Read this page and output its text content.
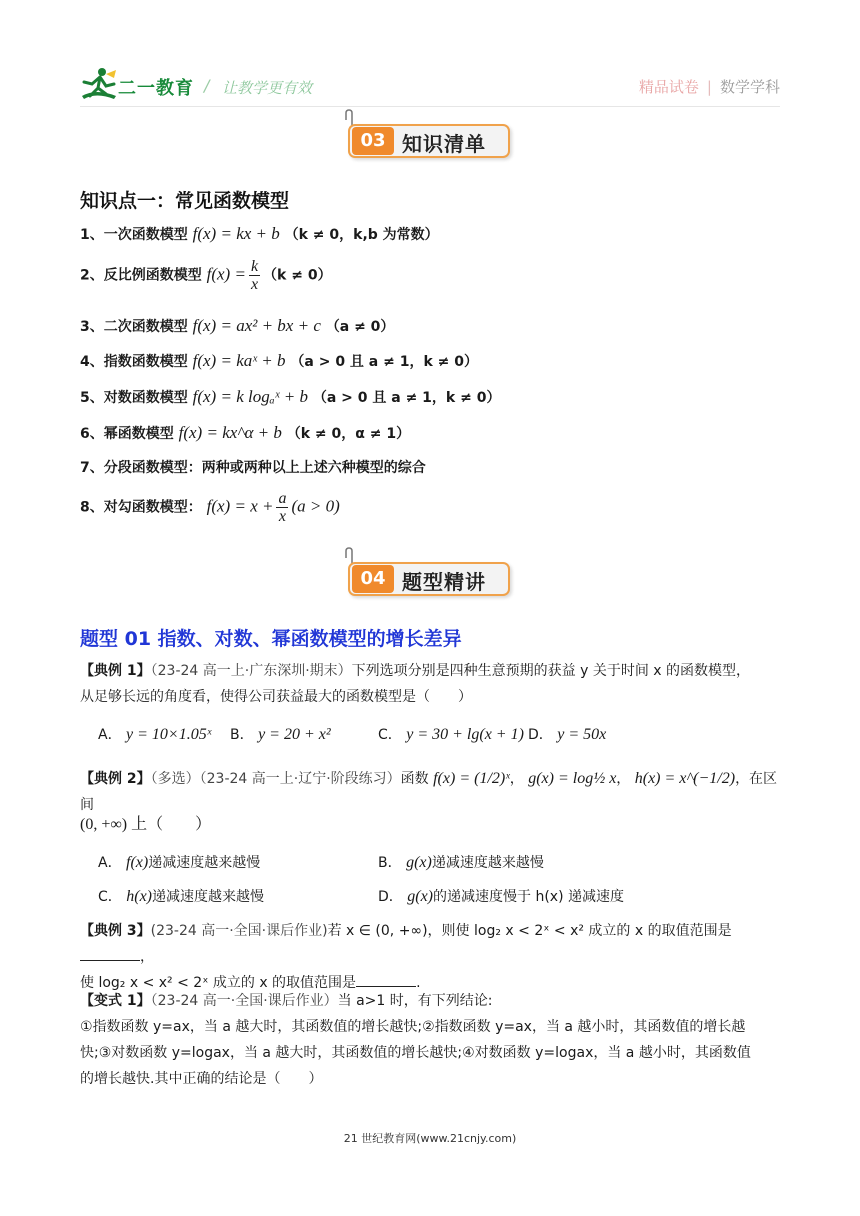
二一教育 / 让教学更有效	精品试卷 | 数学学科
03 知识清单
知识点一：常见函数模型
1、一次函数模型 f(x) = kx + b （k ≠ 0，k,b 为常数）
2、反比例函数模型 $f(x) = \frac{k}{x} (k \ne 0)$
3、二次函数模型 f(x) = ax² + bx + c （a ≠ 0）
4、指数函数模型 f(x) = kaˣ + b （a > 0 且 a ≠ 1，k ≠ 0）
5、对数函数模型 f(x) = k logₐˣ + b （a > 0 且 a ≠ 1，k ≠ 0）
6、幂函数模型 f(x) = kx^α + b （k ≠ 0，α ≠ 1）
7、分段函数模型：两种或两种以上上述六种模型的综合
8、对勾函数模型： $f(x) = x + \frac{a}{x} (a > 0)$
04 题型精讲
题型 01 指数、对数、幂函数模型的增长差异
【典例 1】（23-24 高一上·广东深圳·期末）下列选项分别是四种生意预期的获益 y 关于时间 x 的函数模型，
从足够长远的角度看，使得公司获益最大的函数模型是（　　）
A． y = 10×1.05ˣ B． y = 20 + x²	C． y = 30 + lg(x + 1) D． y = 50x
【典例 2】（多选）（23-24 高一上·辽宁·阶段练习）函数 f(x) = (1/2)ˣ， g(x) = log½ x， h(x) = x^(−1/2)，在区间
(0, +∞) 上（　　）
A． f(x)递减速度越来越慢	B． g(x)递减速度越来越慢
C． h(x)递减速度越来越慢	D． g(x)的递减速度慢于 h(x) 递减速度
【典例 3】(23-24 高一·全国·课后作业)若 x ∈ (0, +∞)，则使 log₂ x < 2ˣ < x² 成立的 x 的取值范围是，
使 log₂ x < x² < 2ˣ 成立的 x 的取值范围是	.
【变式 1】（23-24 高一·全国·课后作业）当 a>1 时，有下列结论:
①指数函数 y=ax，当 a 越大时，其函数值的增长越快;②指数函数 y=ax，当 a 越小时，其函数值的增长越
快;③对数函数 y=logax，当 a 越大时，其函数值的增长越快;④对数函数 y=logax，当 a 越小时，其函数值
的增长越快.其中正确的结论是（　　）
21 世纪教育网(www.21cnjy.com)
